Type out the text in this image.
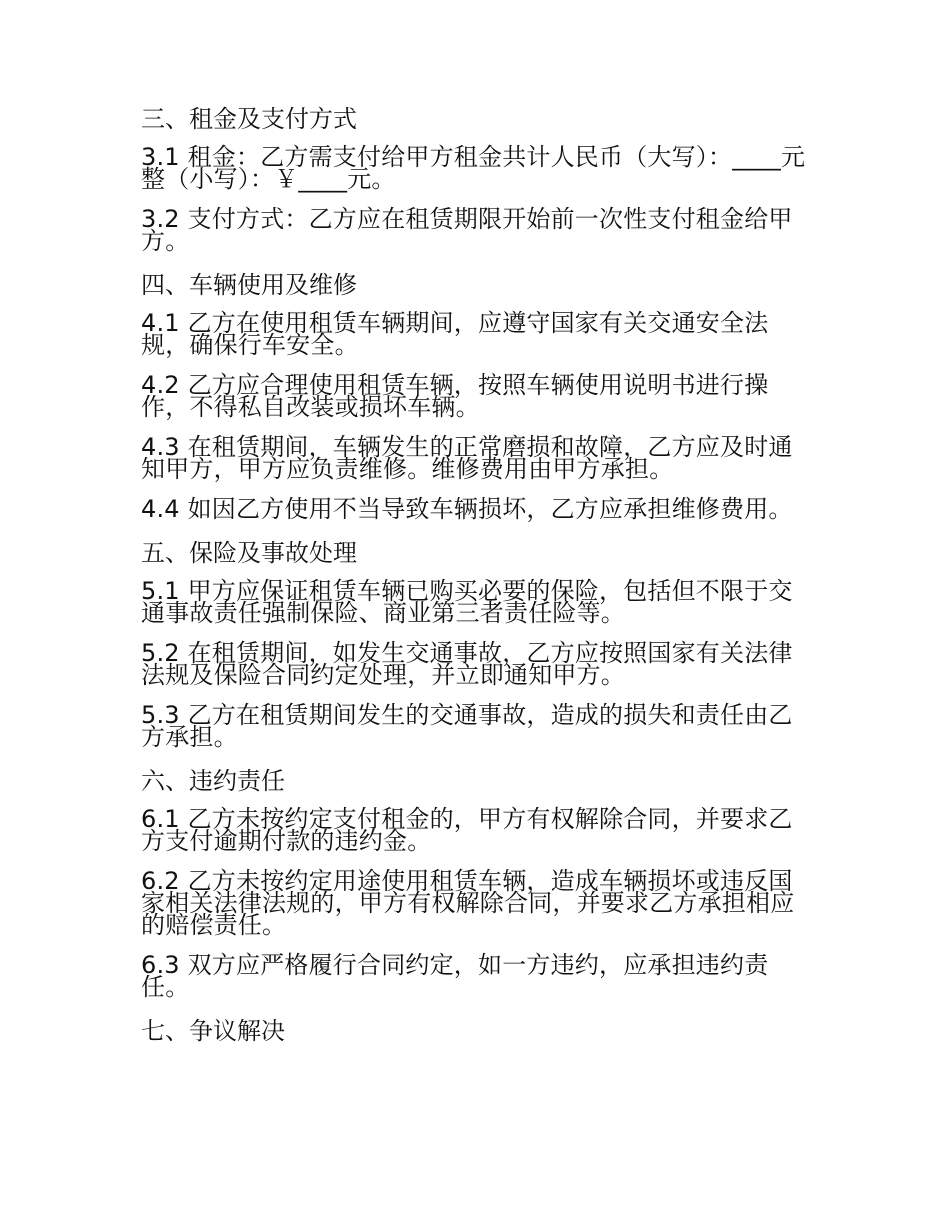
三、租金及支付方式
3.1 租金：乙方需支付给甲方租金共计人民币（大写）：____元整（小写）：￥____元。
3.2 支付方式：乙方应在租赁期限开始前一次性支付租金给甲方。
四、车辆使用及维修
4.1 乙方在使用租赁车辆期间，应遵守国家有关交通安全法规，确保行车安全。
4.2 乙方应合理使用租赁车辆，按照车辆使用说明书进行操作，不得私自改装或损坏车辆。
4.3 在租赁期间，车辆发生的正常磨损和故障，乙方应及时通知甲方，甲方应负责维修。维修费用由甲方承担。
4.4 如因乙方使用不当导致车辆损坏，乙方应承担维修费用。
五、保险及事故处理
5.1 甲方应保证租赁车辆已购买必要的保险，包括但不限于交通事故责任强制保险、商业第三者责任险等。
5.2 在租赁期间，如发生交通事故，乙方应按照国家有关法律法规及保险合同约定处理，并立即通知甲方。
5.3 乙方在租赁期间发生的交通事故，造成的损失和责任由乙方承担。
六、违约责任
6.1 乙方未按约定支付租金的，甲方有权解除合同，并要求乙方支付逾期付款的违约金。
6.2 乙方未按约定用途使用租赁车辆，造成车辆损坏或违反国家相关法律法规的，甲方有权解除合同，并要求乙方承担相应的赔偿责任。
6.3 双方应严格履行合同约定，如一方违约，应承担违约责任。
七、争议解决
